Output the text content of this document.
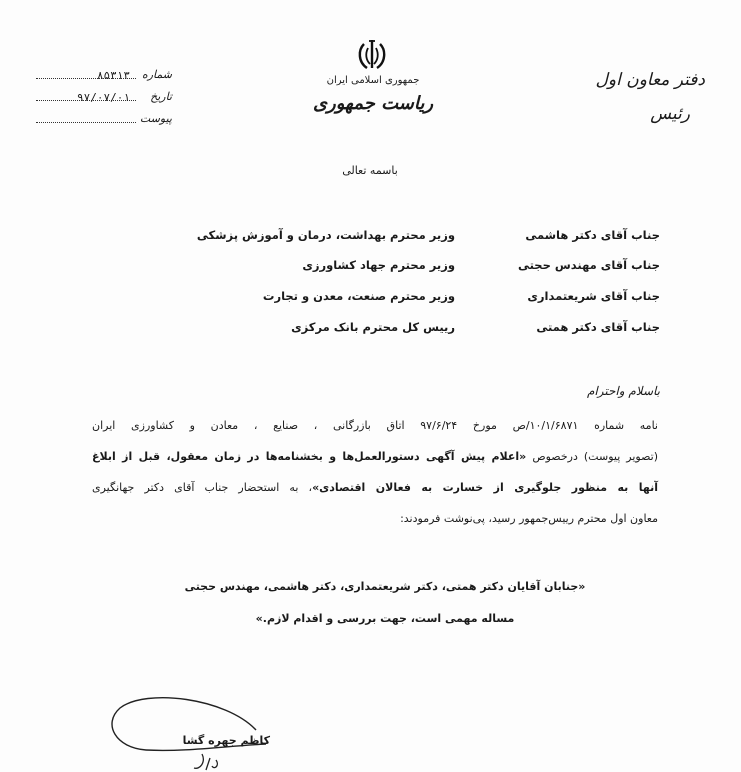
جمهوری اسلامی ایران
ریاست جمهوری
دفتر معاون اول
رئیس
شماره
۸۵۳۱۳
تاریخ
۹۷/۰۷/۰۱
پیوست
باسمه تعالی
جناب آقای دکتر هاشمی
وزیر محترم بهداشت، درمان و آموزش پزشکی
جناب آقای مهندس حجتی
وزیر محترم جهاد کشاورزی
جناب آقای شریعتمداری
وزیر محترم صنعت، معدن و تجارت
جناب آقای دکتر همتی
رییس کل محترم بانک مرکزی
باسلام واحترام
نامه شماره ۱۰/۱/۶۸۷۱/ص مورخ ۹۷/۶/۲۴ اتاق بازرگانی ، صنایع ، معادن و کشاورزی ایران
(تصویر پیوست) درخصوص «اعلام پیش آگهی دستورالعمل‌ها و بخشنامه‌ها در زمان معقول، قبل از ابلاغ
آنها به منظور جلوگیری از خسارت به فعالان اقتصادی»، به استحضار جناب آقای دکتر جهانگیری
معاون اول محترم رییس‌جمهور رسید، پی‌نوشت فرمودند:
«جنابان آقایان دکتر همتی، دکتر شریعتمداری، دکتر هاشمی، مهندس حجتی
مساله مهمی است، جهت بررسی و اقدام لازم.»
کاظم جهره گشا
